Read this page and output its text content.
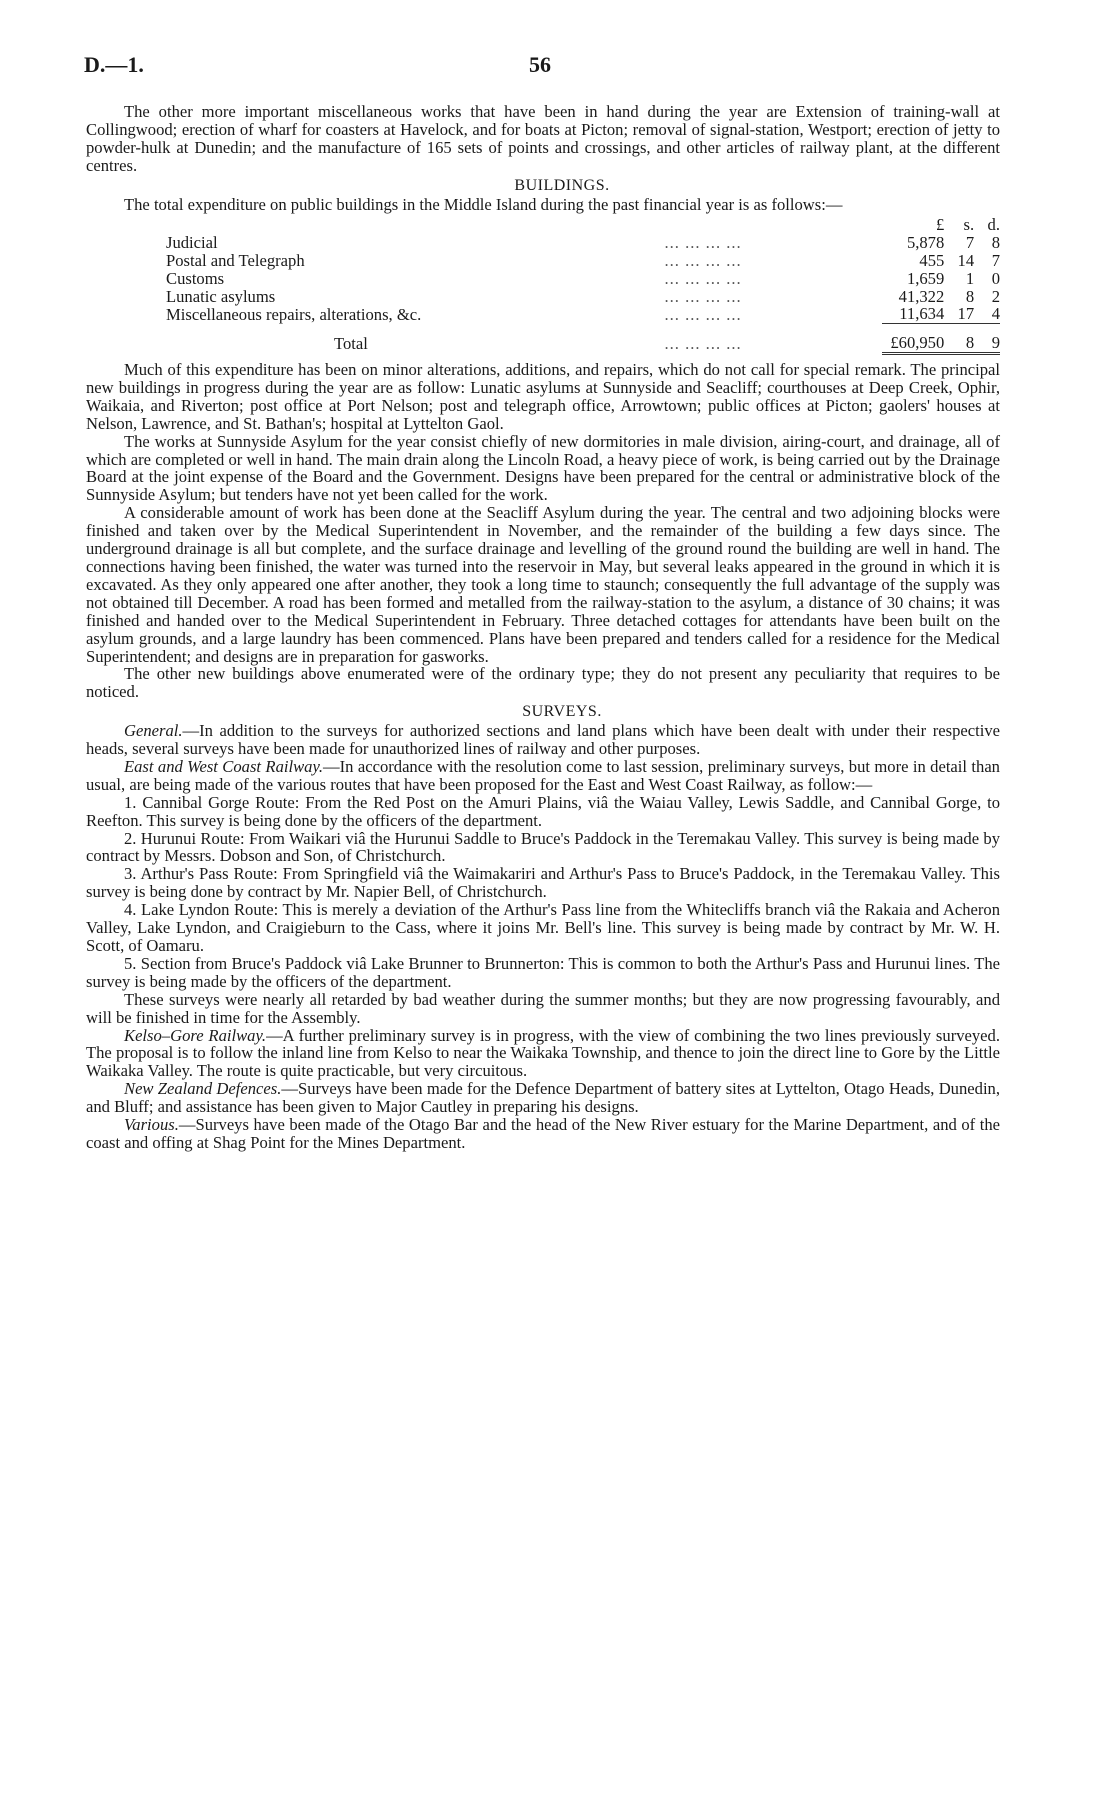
D.—1.	56

The other more important miscellaneous works that have been in hand during the year are Extension of training-wall at Collingwood; erection of wharf for coasters at Havelock, and for boats at Picton; removal of signal-station, Westport; erection of jetty to powder-hulk at Dunedin; and the manufacture of 165 sets of points and crossings, and other articles of railway plant, at the different centres.

BUILDINGS.

The total expenditure on public buildings in the Middle Island during the past financial year is as follows:—

		£	s.	d.
Judicial	... ... ... ...	5,878	7	8
Postal and Telegraph	... ... ... ...	455	14	7
Customs	... ... ... ...	1,659	1	0
Lunatic asylums	... ... ... ...	41,322	8	2
Miscellaneous repairs, alterations, &c.	... ... ... ...	11,634	17	4
Total	... ... ... ...	£60,950	8	9

Much of this expenditure has been on minor alterations, additions, and repairs, which do not call for special remark. The principal new buildings in progress during the year are as follow: Lunatic asylums at Sunnyside and Seacliff; courthouses at Deep Creek, Ophir, Waikaia, and Riverton; post office at Port Nelson; post and telegraph office, Arrowtown; public offices at Picton; gaolers' houses at Nelson, Lawrence, and St. Bathan's; hospital at Lyttelton Gaol.

The works at Sunnyside Asylum for the year consist chiefly of new dormitories in male division, airing-court, and drainage, all of which are completed or well in hand. The main drain along the Lincoln Road, a heavy piece of work, is being carried out by the Drainage Board at the joint expense of the Board and the Government. Designs have been prepared for the central or administrative block of the Sunnyside Asylum; but tenders have not yet been called for the work.

A considerable amount of work has been done at the Seacliff Asylum during the year. The central and two adjoining blocks were finished and taken over by the Medical Superintendent in November, and the remainder of the building a few days since. The underground drainage is all but complete, and the surface drainage and levelling of the ground round the building are well in hand. The connections having been finished, the water was turned into the reservoir in May, but several leaks appeared in the ground in which it is excavated. As they only appeared one after another, they took a long time to staunch; consequently the full advantage of the supply was not obtained till December. A road has been formed and metalled from the railway-station to the asylum, a distance of 30 chains; it was finished and handed over to the Medical Superintendent in February. Three detached cottages for attendants have been built on the asylum grounds, and a large laundry has been commenced. Plans have been prepared and tenders called for a residence for the Medical Superintendent; and designs are in preparation for gasworks.

The other new buildings above enumerated were of the ordinary type; they do not present any peculiarity that requires to be noticed.

SURVEYS.

General.—In addition to the surveys for authorized sections and land plans which have been dealt with under their respective heads, several surveys have been made for unauthorized lines of railway and other purposes.

East and West Coast Railway.—In accordance with the resolution come to last session, preliminary surveys, but more in detail than usual, are being made of the various routes that have been proposed for the East and West Coast Railway, as follow:—

1. Cannibal Gorge Route: From the Red Post on the Amuri Plains, viâ the Waiau Valley, Lewis Saddle, and Cannibal Gorge, to Reefton. This survey is being done by the officers of the department.

2. Hurunui Route: From Waikari viâ the Hurunui Saddle to Bruce's Paddock in the Teremakau Valley. This survey is being made by contract by Messrs. Dobson and Son, of Christchurch.

3. Arthur's Pass Route: From Springfield viâ the Waimakariri and Arthur's Pass to Bruce's Paddock, in the Teremakau Valley. This survey is being done by contract by Mr. Napier Bell, of Christchurch.

4. Lake Lyndon Route: This is merely a deviation of the Arthur's Pass line from the Whitecliffs branch viâ the Rakaia and Acheron Valley, Lake Lyndon, and Craigieburn to the Cass, where it joins Mr. Bell's line. This survey is being made by contract by Mr. W. H. Scott, of Oamaru.

5. Section from Bruce's Paddock viâ Lake Brunner to Brunnerton: This is common to both the Arthur's Pass and Hurunui lines. The survey is being made by the officers of the department.

These surveys were nearly all retarded by bad weather during the summer months; but they are now progressing favourably, and will be finished in time for the Assembly.

Kelso–Gore Railway.—A further preliminary survey is in progress, with the view of combining the two lines previously surveyed. The proposal is to follow the inland line from Kelso to near the Waikaka Township, and thence to join the direct line to Gore by the Little Waikaka Valley. The route is quite practicable, but very circuitous.

New Zealand Defences.—Surveys have been made for the Defence Department of battery sites at Lyttelton, Otago Heads, Dunedin, and Bluff; and assistance has been given to Major Cautley in preparing his designs.

Various.—Surveys have been made of the Otago Bar and the head of the New River estuary for the Marine Department, and of the coast and offing at Shag Point for the Mines Department.
